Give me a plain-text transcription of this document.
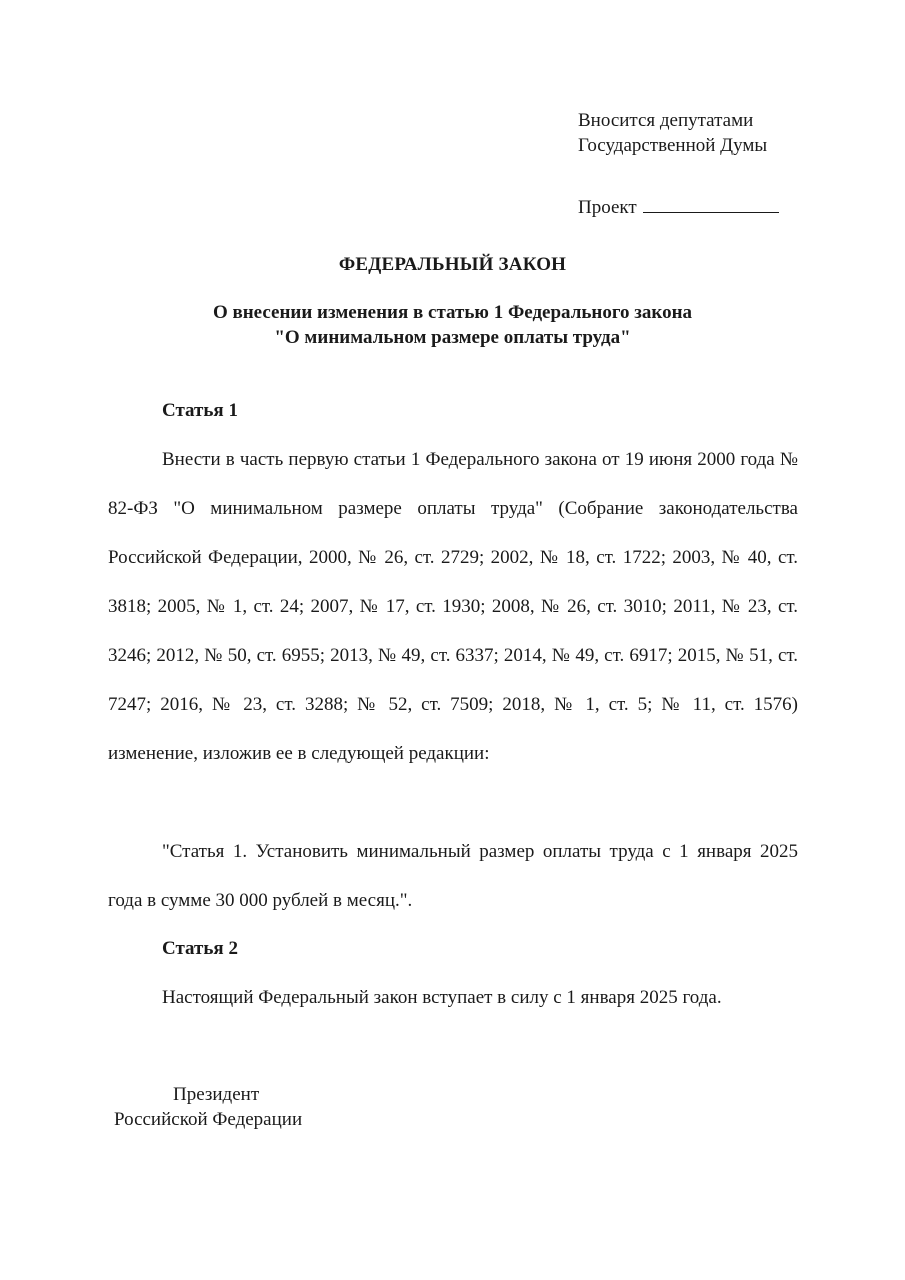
Вносится депутатами
Государственной Думы
Проект
ФЕДЕРАЛЬНЫЙ ЗАКОН
О внесении изменения в статью 1 Федерального закона
"О минимальном размере оплаты труда"
Статья 1
Внести в часть первую статьи 1 Федерального закона от 19 июня 2000 года № 82-ФЗ "О минимальном размере оплаты труда" (Собрание законодательства Российской Федерации, 2000, № 26, ст. 2729; 2002, № 18, ст. 1722; 2003, № 40, ст. 3818; 2005, № 1, ст. 24; 2007, № 17, ст. 1930; 2008, № 26, ст. 3010; 2011, № 23, ст. 3246; 2012, № 50, ст. 6955; 2013, № 49, ст. 6337; 2014, № 49, ст. 6917; 2015, № 51, ст. 7247; 2016, № 23, ст. 3288; № 52, ст. 7509; 2018, № 1, ст. 5; № 11, ст. 1576) изменение, изложив ее в следующей редакции:
"Статья 1. Установить минимальный размер оплаты труда с 1 января 2025 года в сумме 30 000 рублей в месяц.".
Статья 2
Настоящий Федеральный закон вступает в силу с 1 января 2025 года.
Президент
Российской Федерации
